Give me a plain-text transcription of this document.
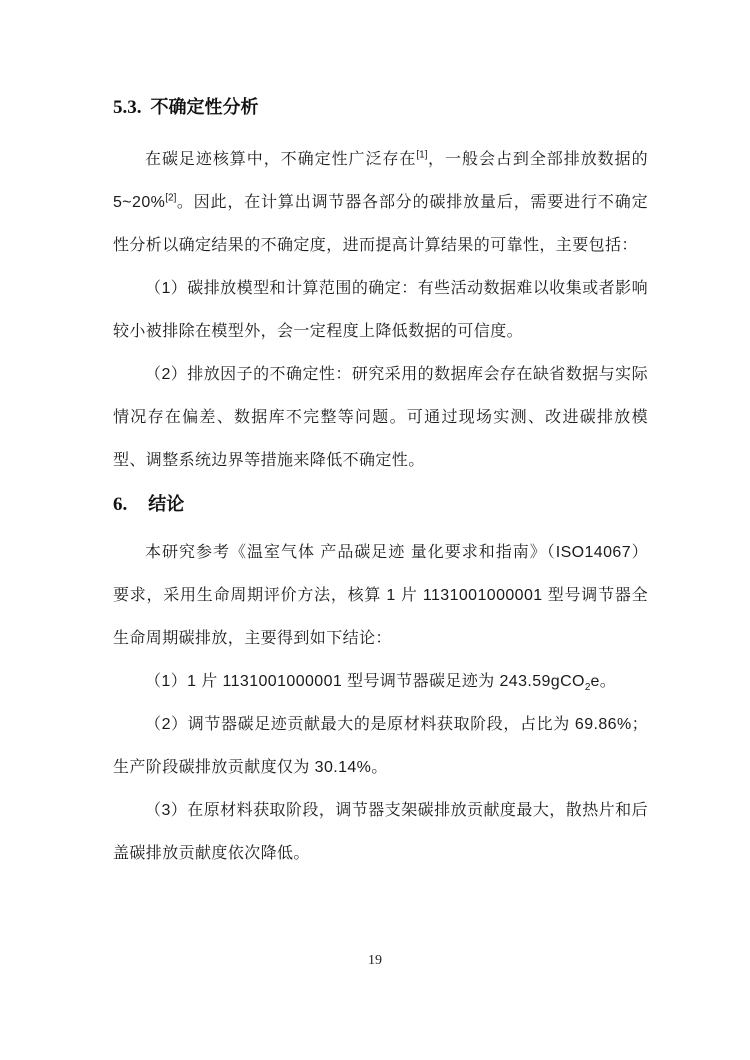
5.3. 不确定性分析

在碳足迹核算中，不确定性广泛存在[1]，一般会占到全部排放数据的 5~20%[2]。因此，在计算出调节器各部分的碳排放量后，需要进行不确定性分析以确定结果的不确定度，进而提高计算结果的可靠性，主要包括：

（1）碳排放模型和计算范围的确定：有些活动数据难以收集或者影响较小被排除在模型外，会一定程度上降低数据的可信度。

（2）排放因子的不确定性：研究采用的数据库会存在缺省数据与实际情况存在偏差、数据库不完整等问题。可通过现场实测、改进碳排放模型、调整系统边界等措施来降低不确定性。

6. 结论

本研究参考《温室气体 产品碳足迹 量化要求和指南》（ISO14067）要求，采用生命周期评价方法，核算 1 片 1131001000001 型号调节器全生命周期碳排放，主要得到如下结论：

（1）1 片 1131001000001 型号调节器碳足迹为 243.59gCO$_2$e。

（2）调节器碳足迹贡献最大的是原材料获取阶段，占比为 69.86%；生产阶段碳排放贡献度仅为 30.14%。

（3）在原材料获取阶段，调节器支架碳排放贡献度最大，散热片和后盖碳排放贡献度依次降低。

19
